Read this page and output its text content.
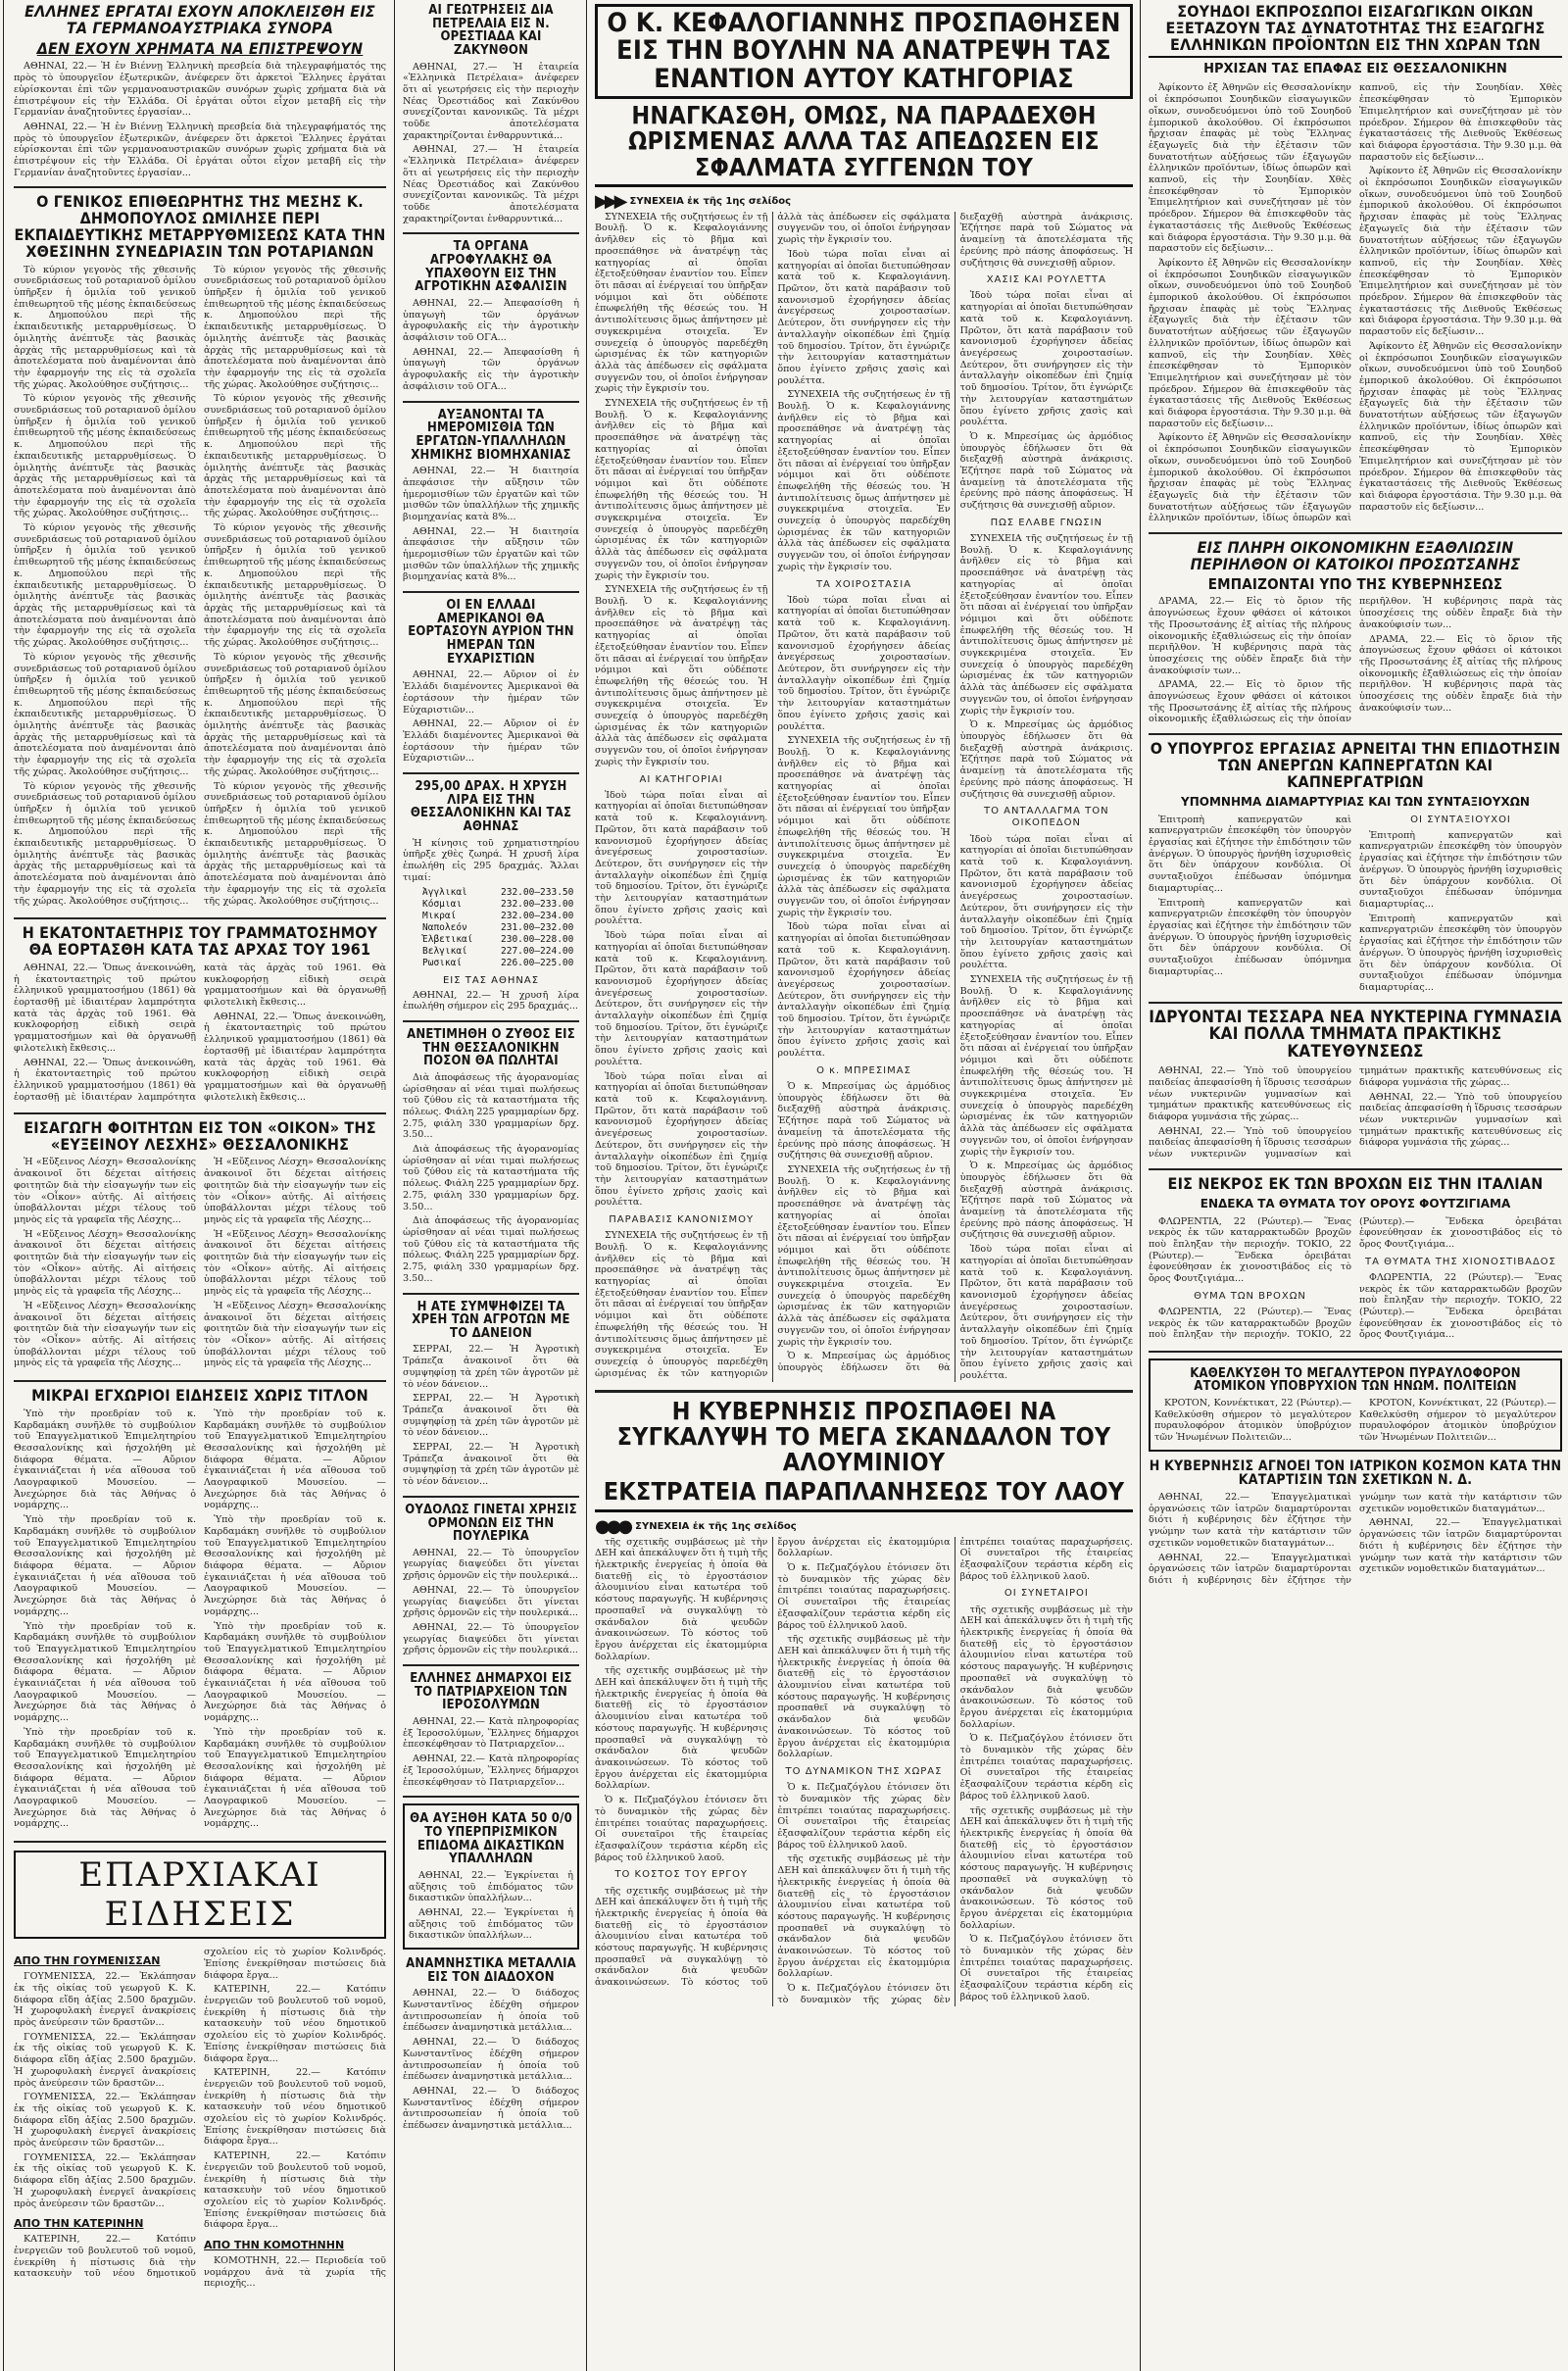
ΕΛΛΗΝΕΣ ΕΡΓΑΤΑΙ ΕΧΟΥΝ ΑΠΟΚΛΕΙΣΘΗ ΕΙΣ ΤΑ ΓΕΡΜΑΝΟΑΥΣΤΡΙΑΚΑ ΣΥΝΟΡΑ
ΔΕΝ ΕΧΟΥΝ ΧΡΗΜΑΤΑ ΝΑ ΕΠΙΣΤΡΕΨΟΥΝ

ΑΘΗΝΑΙ, 22.— Ἡ ἐν Βιέννῃ Ἑλληνικὴ πρεσβεία διὰ τηλεγραφήματός της πρὸς τὸ ὑπουργεῖον ἐξωτερικῶν, ἀνέφερεν ὅτι ἀρκετοὶ Ἕλληνες ἐργάται εὑρίσκονται ἐπὶ τῶν γερμανοαυστριακῶν συνόρων χωρὶς χρήματα διὰ νὰ ἐπιστρέψουν εἰς τὴν Ἑλλάδα. Οἱ ἐργάται οὗτοι εἶχον μεταβῆ εἰς τὴν Γερμανίαν ἀναζητοῦντες ἐργασίαν...

ΑΘΗΝΑΙ, 22.— Ἡ ἐν Βιέννῃ Ἑλληνικὴ πρεσβεία διὰ τηλεγραφήματός της πρὸς τὸ ὑπουργεῖον ἐξωτερικῶν, ἀνέφερεν ὅτι ἀρκετοὶ Ἕλληνες ἐργάται εὑρίσκονται ἐπὶ τῶν γερμανοαυστριακῶν συνόρων χωρὶς χρήματα διὰ νὰ ἐπιστρέψουν εἰς τὴν Ἑλλάδα. Οἱ ἐργάται οὗτοι εἶχον μεταβῆ εἰς τὴν Γερμανίαν ἀναζητοῦντες ἐργασίαν...

Ο ΓΕΝΙΚΟΣ ΕΠΙΘΕΩΡΗΤΗΣ ΤΗΣ ΜΕΣΗΣ Κ. ΔΗΜΟΠΟΥΛΟΣ ΩΜΙΛΗΣΕ ΠΕΡΙ ΕΚΠΑΙΔΕΥΤΙΚΗΣ ΜΕΤΑΡΡΥΘΜΙΣΕΩΣ ΚΑΤΑ ΤΗΝ ΧΘΕΣΙΝΗΝ ΣΥΝΕΔΡΙΑΣΙΝ ΤΩΝ ΡΟΤΑΡΙΑΝΩΝ

Τὸ κύριον γεγονὸς τῆς χθεσινῆς συνεδριάσεως τοῦ ροταριανοῦ ὁμίλου ὑπῆρξεν ἡ ὁμιλία τοῦ γενικοῦ ἐπιθεωρητοῦ τῆς μέσης ἐκπαιδεύσεως κ. Δημοπούλου περὶ τῆς ἐκπαιδευτικῆς μεταρρυθμίσεως. Ὁ ὁμιλητὴς ἀνέπτυξε τὰς βασικὰς ἀρχὰς τῆς μεταρρυθμίσεως καὶ τὰ ἀποτελέσματα ποὺ ἀναμένονται ἀπὸ τὴν ἐφαρμογήν της εἰς τὰ σχολεῖα τῆς χώρας. Ἀκολούθησε συζήτησις...

Τὸ κύριον γεγονὸς τῆς χθεσινῆς συνεδριάσεως τοῦ ροταριανοῦ ὁμίλου ὑπῆρξεν ἡ ὁμιλία τοῦ γενικοῦ ἐπιθεωρητοῦ τῆς μέσης ἐκπαιδεύσεως κ. Δημοπούλου περὶ τῆς ἐκπαιδευτικῆς μεταρρυθμίσεως. Ὁ ὁμιλητὴς ἀνέπτυξε τὰς βασικὰς ἀρχὰς τῆς μεταρρυθμίσεως καὶ τὰ ἀποτελέσματα ποὺ ἀναμένονται ἀπὸ τὴν ἐφαρμογήν της εἰς τὰ σχολεῖα τῆς χώρας. Ἀκολούθησε συζήτησις...

Τὸ κύριον γεγονὸς τῆς χθεσινῆς συνεδριάσεως τοῦ ροταριανοῦ ὁμίλου ὑπῆρξεν ἡ ὁμιλία τοῦ γενικοῦ ἐπιθεωρητοῦ τῆς μέσης ἐκπαιδεύσεως κ. Δημοπούλου περὶ τῆς ἐκπαιδευτικῆς μεταρρυθμίσεως. Ὁ ὁμιλητὴς ἀνέπτυξε τὰς βασικὰς ἀρχὰς τῆς μεταρρυθμίσεως καὶ τὰ ἀποτελέσματα ποὺ ἀναμένονται ἀπὸ τὴν ἐφαρμογήν της εἰς τὰ σχολεῖα τῆς χώρας. Ἀκολούθησε συζήτησις...

Τὸ κύριον γεγονὸς τῆς χθεσινῆς συνεδριάσεως τοῦ ροταριανοῦ ὁμίλου ὑπῆρξεν ἡ ὁμιλία τοῦ γενικοῦ ἐπιθεωρητοῦ τῆς μέσης ἐκπαιδεύσεως κ. Δημοπούλου περὶ τῆς ἐκπαιδευτικῆς μεταρρυθμίσεως. Ὁ ὁμιλητὴς ἀνέπτυξε τὰς βασικὰς ἀρχὰς τῆς μεταρρυθμίσεως καὶ τὰ ἀποτελέσματα ποὺ ἀναμένονται ἀπὸ τὴν ἐφαρμογήν της εἰς τὰ σχολεῖα τῆς χώρας. Ἀκολούθησε συζήτησις...

Τὸ κύριον γεγονὸς τῆς χθεσινῆς συνεδριάσεως τοῦ ροταριανοῦ ὁμίλου ὑπῆρξεν ἡ ὁμιλία τοῦ γενικοῦ ἐπιθεωρητοῦ τῆς μέσης ἐκπαιδεύσεως κ. Δημοπούλου περὶ τῆς ἐκπαιδευτικῆς μεταρρυθμίσεως. Ὁ ὁμιλητὴς ἀνέπτυξε τὰς βασικὰς ἀρχὰς τῆς μεταρρυθμίσεως καὶ τὰ ἀποτελέσματα ποὺ ἀναμένονται ἀπὸ τὴν ἐφαρμογήν της εἰς τὰ σχολεῖα τῆς χώρας. Ἀκολούθησε συζήτησις...

Τὸ κύριον γεγονὸς τῆς χθεσινῆς συνεδριάσεως τοῦ ροταριανοῦ ὁμίλου ὑπῆρξεν ἡ ὁμιλία τοῦ γενικοῦ ἐπιθεωρητοῦ τῆς μέσης ἐκπαιδεύσεως κ. Δημοπούλου περὶ τῆς ἐκπαιδευτικῆς μεταρρυθμίσεως. Ὁ ὁμιλητὴς ἀνέπτυξε τὰς βασικὰς ἀρχὰς τῆς μεταρρυθμίσεως καὶ τὰ ἀποτελέσματα ποὺ ἀναμένονται ἀπὸ τὴν ἐφαρμογήν της εἰς τὰ σχολεῖα τῆς χώρας. Ἀκολούθησε συζήτησις...

Τὸ κύριον γεγονὸς τῆς χθεσινῆς συνεδριάσεως τοῦ ροταριανοῦ ὁμίλου ὑπῆρξεν ἡ ὁμιλία τοῦ γενικοῦ ἐπιθεωρητοῦ τῆς μέσης ἐκπαιδεύσεως κ. Δημοπούλου περὶ τῆς ἐκπαιδευτικῆς μεταρρυθμίσεως. Ὁ ὁμιλητὴς ἀνέπτυξε τὰς βασικὰς ἀρχὰς τῆς μεταρρυθμίσεως καὶ τὰ ἀποτελέσματα ποὺ ἀναμένονται ἀπὸ τὴν ἐφαρμογήν της εἰς τὰ σχολεῖα τῆς χώρας. Ἀκολούθησε συζήτησις...

Τὸ κύριον γεγονὸς τῆς χθεσινῆς συνεδριάσεως τοῦ ροταριανοῦ ὁμίλου ὑπῆρξεν ἡ ὁμιλία τοῦ γενικοῦ ἐπιθεωρητοῦ τῆς μέσης ἐκπαιδεύσεως κ. Δημοπούλου περὶ τῆς ἐκπαιδευτικῆς μεταρρυθμίσεως. Ὁ ὁμιλητὴς ἀνέπτυξε τὰς βασικὰς ἀρχὰς τῆς μεταρρυθμίσεως καὶ τὰ ἀποτελέσματα ποὺ ἀναμένονται ἀπὸ τὴν ἐφαρμογήν της εἰς τὰ σχολεῖα τῆς χώρας. Ἀκολούθησε συζήτησις...

Τὸ κύριον γεγονὸς τῆς χθεσινῆς συνεδριάσεως τοῦ ροταριανοῦ ὁμίλου ὑπῆρξεν ἡ ὁμιλία τοῦ γενικοῦ ἐπιθεωρητοῦ τῆς μέσης ἐκπαιδεύσεως κ. Δημοπούλου περὶ τῆς ἐκπαιδευτικῆς μεταρρυθμίσεως. Ὁ ὁμιλητὴς ἀνέπτυξε τὰς βασικὰς ἀρχὰς τῆς μεταρρυθμίσεως καὶ τὰ ἀποτελέσματα ποὺ ἀναμένονται ἀπὸ τὴν ἐφαρμογήν της εἰς τὰ σχολεῖα τῆς χώρας. Ἀκολούθησε συζήτησις...

Τὸ κύριον γεγονὸς τῆς χθεσινῆς συνεδριάσεως τοῦ ροταριανοῦ ὁμίλου ὑπῆρξεν ἡ ὁμιλία τοῦ γενικοῦ ἐπιθεωρητοῦ τῆς μέσης ἐκπαιδεύσεως κ. Δημοπούλου περὶ τῆς ἐκπαιδευτικῆς μεταρρυθμίσεως. Ὁ ὁμιλητὴς ἀνέπτυξε τὰς βασικὰς ἀρχὰς τῆς μεταρρυθμίσεως καὶ τὰ ἀποτελέσματα ποὺ ἀναμένονται ἀπὸ τὴν ἐφαρμογήν της εἰς τὰ σχολεῖα τῆς χώρας. Ἀκολούθησε συζήτησις...

Η ΕΚΑΤΟΝΤΑΕΤΗΡΙΣ ΤΟΥ ΓΡΑΜΜΑΤΟΣΗΜΟΥ ΘΑ ΕΟΡΤΑΣΘΗ ΚΑΤΑ ΤΑΣ ΑΡΧΑΣ ΤΟΥ 1961

ΑΘΗΝΑΙ, 22.— Ὅπως ἀνεκοινώθη, ἡ ἑκατονταετηρὶς τοῦ πρώτου ἑλληνικοῦ γραμματοσήμου (1861) θὰ ἑορτασθῇ μὲ ἰδιαιτέραν λαμπρότητα κατὰ τὰς ἀρχὰς τοῦ 1961. Θὰ κυκλοφορήσῃ εἰδικὴ σειρὰ γραμματοσήμων καὶ θὰ ὀργανωθῇ φιλοτελικὴ ἔκθεσις...

ΑΘΗΝΑΙ, 22.— Ὅπως ἀνεκοινώθη, ἡ ἑκατονταετηρὶς τοῦ πρώτου ἑλληνικοῦ γραμματοσήμου (1861) θὰ ἑορτασθῇ μὲ ἰδιαιτέραν λαμπρότητα κατὰ τὰς ἀρχὰς τοῦ 1961. Θὰ κυκλοφορήσῃ εἰδικὴ σειρὰ γραμματοσήμων καὶ θὰ ὀργανωθῇ φιλοτελικὴ ἔκθεσις...

ΑΘΗΝΑΙ, 22.— Ὅπως ἀνεκοινώθη, ἡ ἑκατονταετηρὶς τοῦ πρώτου ἑλληνικοῦ γραμματοσήμου (1861) θὰ ἑορτασθῇ μὲ ἰδιαιτέραν λαμπρότητα κατὰ τὰς ἀρχὰς τοῦ 1961. Θὰ κυκλοφορήσῃ εἰδικὴ σειρὰ γραμματοσήμων καὶ θὰ ὀργανωθῇ φιλοτελικὴ ἔκθεσις...

ΕΙΣΑΓΩΓΗ ΦΟΙΤΗΤΩΝ ΕΙΣ ΤΟΝ «ΟΙΚΟΝ» ΤΗΣ «ΕΥΞΕΙΝΟΥ ΛΕΣΧΗΣ» ΘΕΣΣΑΛΟΝΙΚΗΣ

Ἡ «Εὔξεινος Λέσχη» Θεσσαλονίκης ἀνακοινοῖ ὅτι δέχεται αἰτήσεις φοιτητῶν διὰ τὴν εἰσαγωγήν των εἰς τὸν «Οἶκον» αὐτῆς. Αἱ αἰτήσεις ὑποβάλλονται μέχρι τέλους τοῦ μηνὸς εἰς τὰ γραφεῖα τῆς Λέσχης...

Ἡ «Εὔξεινος Λέσχη» Θεσσαλονίκης ἀνακοινοῖ ὅτι δέχεται αἰτήσεις φοιτητῶν διὰ τὴν εἰσαγωγήν των εἰς τὸν «Οἶκον» αὐτῆς. Αἱ αἰτήσεις ὑποβάλλονται μέχρι τέλους τοῦ μηνὸς εἰς τὰ γραφεῖα τῆς Λέσχης...

Ἡ «Εὔξεινος Λέσχη» Θεσσαλονίκης ἀνακοινοῖ ὅτι δέχεται αἰτήσεις φοιτητῶν διὰ τὴν εἰσαγωγήν των εἰς τὸν «Οἶκον» αὐτῆς. Αἱ αἰτήσεις ὑποβάλλονται μέχρι τέλους τοῦ μηνὸς εἰς τὰ γραφεῖα τῆς Λέσχης...

Ἡ «Εὔξεινος Λέσχη» Θεσσαλονίκης ἀνακοινοῖ ὅτι δέχεται αἰτήσεις φοιτητῶν διὰ τὴν εἰσαγωγήν των εἰς τὸν «Οἶκον» αὐτῆς. Αἱ αἰτήσεις ὑποβάλλονται μέχρι τέλους τοῦ μηνὸς εἰς τὰ γραφεῖα τῆς Λέσχης...

Ἡ «Εὔξεινος Λέσχη» Θεσσαλονίκης ἀνακοινοῖ ὅτι δέχεται αἰτήσεις φοιτητῶν διὰ τὴν εἰσαγωγήν των εἰς τὸν «Οἶκον» αὐτῆς. Αἱ αἰτήσεις ὑποβάλλονται μέχρι τέλους τοῦ μηνὸς εἰς τὰ γραφεῖα τῆς Λέσχης...

Ἡ «Εὔξεινος Λέσχη» Θεσσαλονίκης ἀνακοινοῖ ὅτι δέχεται αἰτήσεις φοιτητῶν διὰ τὴν εἰσαγωγήν των εἰς τὸν «Οἶκον» αὐτῆς. Αἱ αἰτήσεις ὑποβάλλονται μέχρι τέλους τοῦ μηνὸς εἰς τὰ γραφεῖα τῆς Λέσχης...

ΜΙΚΡΑΙ ΕΓΧΩΡΙΟΙ ΕΙΔΗΣΕΙΣ ΧΩΡΙΣ ΤΙΤΛΟΝ

Ὑπὸ τὴν προεδρίαν τοῦ κ. Καρδαμάκη συνῆλθε τὸ συμβούλιον τοῦ Ἐπαγγελματικοῦ Ἐπιμελητηρίου Θεσσαλονίκης καὶ ἠσχολήθη μὲ διάφορα θέματα. — Αὔριον ἐγκαινιάζεται ἡ νέα αἴθουσα τοῦ Λαογραφικοῦ Μουσείου. — Ἀνεχώρησε διὰ τὰς Ἀθήνας ὁ νομάρχης...

Ὑπὸ τὴν προεδρίαν τοῦ κ. Καρδαμάκη συνῆλθε τὸ συμβούλιον τοῦ Ἐπαγγελματικοῦ Ἐπιμελητηρίου Θεσσαλονίκης καὶ ἠσχολήθη μὲ διάφορα θέματα. — Αὔριον ἐγκαινιάζεται ἡ νέα αἴθουσα τοῦ Λαογραφικοῦ Μουσείου. — Ἀνεχώρησε διὰ τὰς Ἀθήνας ὁ νομάρχης...

Ὑπὸ τὴν προεδρίαν τοῦ κ. Καρδαμάκη συνῆλθε τὸ συμβούλιον τοῦ Ἐπαγγελματικοῦ Ἐπιμελητηρίου Θεσσαλονίκης καὶ ἠσχολήθη μὲ διάφορα θέματα. — Αὔριον ἐγκαινιάζεται ἡ νέα αἴθουσα τοῦ Λαογραφικοῦ Μουσείου. — Ἀνεχώρησε διὰ τὰς Ἀθήνας ὁ νομάρχης...

Ὑπὸ τὴν προεδρίαν τοῦ κ. Καρδαμάκη συνῆλθε τὸ συμβούλιον τοῦ Ἐπαγγελματικοῦ Ἐπιμελητηρίου Θεσσαλονίκης καὶ ἠσχολήθη μὲ διάφορα θέματα. — Αὔριον ἐγκαινιάζεται ἡ νέα αἴθουσα τοῦ Λαογραφικοῦ Μουσείου. — Ἀνεχώρησε διὰ τὰς Ἀθήνας ὁ νομάρχης...

Ὑπὸ τὴν προεδρίαν τοῦ κ. Καρδαμάκη συνῆλθε τὸ συμβούλιον τοῦ Ἐπαγγελματικοῦ Ἐπιμελητηρίου Θεσσαλονίκης καὶ ἠσχολήθη μὲ διάφορα θέματα. — Αὔριον ἐγκαινιάζεται ἡ νέα αἴθουσα τοῦ Λαογραφικοῦ Μουσείου. — Ἀνεχώρησε διὰ τὰς Ἀθήνας ὁ νομάρχης...

Ὑπὸ τὴν προεδρίαν τοῦ κ. Καρδαμάκη συνῆλθε τὸ συμβούλιον τοῦ Ἐπαγγελματικοῦ Ἐπιμελητηρίου Θεσσαλονίκης καὶ ἠσχολήθη μὲ διάφορα θέματα. — Αὔριον ἐγκαινιάζεται ἡ νέα αἴθουσα τοῦ Λαογραφικοῦ Μουσείου. — Ἀνεχώρησε διὰ τὰς Ἀθήνας ὁ νομάρχης...

Ὑπὸ τὴν προεδρίαν τοῦ κ. Καρδαμάκη συνῆλθε τὸ συμβούλιον τοῦ Ἐπαγγελματικοῦ Ἐπιμελητηρίου Θεσσαλονίκης καὶ ἠσχολήθη μὲ διάφορα θέματα. — Αὔριον ἐγκαινιάζεται ἡ νέα αἴθουσα τοῦ Λαογραφικοῦ Μουσείου. — Ἀνεχώρησε διὰ τὰς Ἀθήνας ὁ νομάρχης...

Ὑπὸ τὴν προεδρίαν τοῦ κ. Καρδαμάκη συνῆλθε τὸ συμβούλιον τοῦ Ἐπαγγελματικοῦ Ἐπιμελητηρίου Θεσσαλονίκης καὶ ἠσχολήθη μὲ διάφορα θέματα. — Αὔριον ἐγκαινιάζεται ἡ νέα αἴθουσα τοῦ Λαογραφικοῦ Μουσείου. — Ἀνεχώρησε διὰ τὰς Ἀθήνας ὁ νομάρχης...

ΕΠΑΡΧΙΑΚΑΙ ΕΙΔΗΣΕΙΣ
ΑΠΟ ΤΗΝ ΓΟΥΜΕΝΙΣΣΑΝ

ΓΟΥΜΕΝΙΣΣΑ, 22.— Ἐκλάπησαν ἐκ τῆς οἰκίας τοῦ γεωργοῦ Κ. Κ. διάφορα εἴδη ἀξίας 2.500 δραχμῶν. Ἡ χωροφυλακὴ ἐνεργεῖ ἀνακρίσεις πρὸς ἀνεύρεσιν τῶν δραστῶν...

ΓΟΥΜΕΝΙΣΣΑ, 22.— Ἐκλάπησαν ἐκ τῆς οἰκίας τοῦ γεωργοῦ Κ. Κ. διάφορα εἴδη ἀξίας 2.500 δραχμῶν. Ἡ χωροφυλακὴ ἐνεργεῖ ἀνακρίσεις πρὸς ἀνεύρεσιν τῶν δραστῶν...

ΓΟΥΜΕΝΙΣΣΑ, 22.— Ἐκλάπησαν ἐκ τῆς οἰκίας τοῦ γεωργοῦ Κ. Κ. διάφορα εἴδη ἀξίας 2.500 δραχμῶν. Ἡ χωροφυλακὴ ἐνεργεῖ ἀνακρίσεις πρὸς ἀνεύρεσιν τῶν δραστῶν...

ΓΟΥΜΕΝΙΣΣΑ, 22.— Ἐκλάπησαν ἐκ τῆς οἰκίας τοῦ γεωργοῦ Κ. Κ. διάφορα εἴδη ἀξίας 2.500 δραχμῶν. Ἡ χωροφυλακὴ ἐνεργεῖ ἀνακρίσεις πρὸς ἀνεύρεσιν τῶν δραστῶν...

ΑΠΟ ΤΗΝ ΚΑΤΕΡΙΝΗΝ

ΚΑΤΕΡΙΝΗ, 22.— Κατόπιν ἐνεργειῶν τοῦ βουλευτοῦ τοῦ νομοῦ, ἐνεκρίθη ἡ πίστωσις διὰ τὴν κατασκευὴν τοῦ νέου δημοτικοῦ σχολείου εἰς τὸ χωρίον Κολινδρός. Ἐπίσης ἐνεκρίθησαν πιστώσεις διὰ διάφορα ἔργα...

ΚΑΤΕΡΙΝΗ, 22.— Κατόπιν ἐνεργειῶν τοῦ βουλευτοῦ τοῦ νομοῦ, ἐνεκρίθη ἡ πίστωσις διὰ τὴν κατασκευὴν τοῦ νέου δημοτικοῦ σχολείου εἰς τὸ χωρίον Κολινδρός. Ἐπίσης ἐνεκρίθησαν πιστώσεις διὰ διάφορα ἔργα...

ΚΑΤΕΡΙΝΗ, 22.— Κατόπιν ἐνεργειῶν τοῦ βουλευτοῦ τοῦ νομοῦ, ἐνεκρίθη ἡ πίστωσις διὰ τὴν κατασκευὴν τοῦ νέου δημοτικοῦ σχολείου εἰς τὸ χωρίον Κολινδρός. Ἐπίσης ἐνεκρίθησαν πιστώσεις διὰ διάφορα ἔργα...

ΚΑΤΕΡΙΝΗ, 22.— Κατόπιν ἐνεργειῶν τοῦ βουλευτοῦ τοῦ νομοῦ, ἐνεκρίθη ἡ πίστωσις διὰ τὴν κατασκευὴν τοῦ νέου δημοτικοῦ σχολείου εἰς τὸ χωρίον Κολινδρός. Ἐπίσης ἐνεκρίθησαν πιστώσεις διὰ διάφορα ἔργα...

ΑΠΟ ΤΗΝ ΚΟΜΟΤΗΝΗΝ

ΚΟΜΟΤΗΝΗ, 22.— Περιοδεία τοῦ νομάρχου ἀνὰ τὰ χωρία τῆς περιοχῆς...

ΑΙ ΓΕΩΤΡΗΣΕΙΣ ΔΙΑ ΠΕΤΡΕΛΑΙΑ ΕΙΣ Ν. ΟΡΕΣΤΙΑΔΑ ΚΑΙ ΖΑΚΥΝΘΟΝ

ΑΘΗΝΑΙ, 27.— Ἡ ἑταιρεία «Ἑλληνικὰ Πετρέλαια» ἀνέφερεν ὅτι αἱ γεωτρήσεις εἰς τὴν περιοχὴν Νέας Ὀρεστιάδος καὶ Ζακύνθου συνεχίζονται κανονικῶς. Τὰ μέχρι τοῦδε ἀποτελέσματα χαρακτηρίζονται ἐνθαρρυντικά...

ΑΘΗΝΑΙ, 27.— Ἡ ἑταιρεία «Ἑλληνικὰ Πετρέλαια» ἀνέφερεν ὅτι αἱ γεωτρήσεις εἰς τὴν περιοχὴν Νέας Ὀρεστιάδος καὶ Ζακύνθου συνεχίζονται κανονικῶς. Τὰ μέχρι τοῦδε ἀποτελέσματα χαρακτηρίζονται ἐνθαρρυντικά...

ΤΑ ΟΡΓΑΝΑ ΑΓΡΟΦΥΛΑΚΗΣ ΘΑ ΥΠΑΧΘΟΥΝ ΕΙΣ ΤΗΝ ΑΓΡΟΤΙΚΗΝ ΑΣΦΑΛΙΣΙΝ

ΑΘΗΝΑΙ, 22.— Ἀπεφασίσθη ἡ ὑπαγωγὴ τῶν ὀργάνων ἀγροφυλακῆς εἰς τὴν ἀγροτικὴν ἀσφάλισιν τοῦ ΟΓΑ...

ΑΘΗΝΑΙ, 22.— Ἀπεφασίσθη ἡ ὑπαγωγὴ τῶν ὀργάνων ἀγροφυλακῆς εἰς τὴν ἀγροτικὴν ἀσφάλισιν τοῦ ΟΓΑ...

ΑΥΞΑΝΟΝΤΑΙ ΤΑ ΗΜΕΡΟΜΙΣΘΙΑ ΤΩΝ ΕΡΓΑΤΩΝ-ΥΠΑΛΛΗΛΩΝ ΧΗΜΙΚΗΣ ΒΙΟΜΗΧΑΝΙΑΣ

ΑΘΗΝΑΙ, 22.— Ἡ διαιτησία ἀπεφάσισε τὴν αὔξησιν τῶν ἡμερομισθίων τῶν ἐργατῶν καὶ τῶν μισθῶν τῶν ὑπαλλήλων τῆς χημικῆς βιομηχανίας κατὰ 8%...

ΑΘΗΝΑΙ, 22.— Ἡ διαιτησία ἀπεφάσισε τὴν αὔξησιν τῶν ἡμερομισθίων τῶν ἐργατῶν καὶ τῶν μισθῶν τῶν ὑπαλλήλων τῆς χημικῆς βιομηχανίας κατὰ 8%...

ΟΙ ΕΝ ΕΛΛΑΔΙ ΑΜΕΡΙΚΑΝΟΙ ΘΑ ΕΟΡΤΑΣΟΥΝ ΑΥΡΙΟΝ ΤΗΝ ΗΜΕΡΑΝ ΤΩΝ ΕΥΧΑΡΙΣΤΙΩΝ

ΑΘΗΝΑΙ, 22.— Αὔριον οἱ ἐν Ἑλλάδι διαμένοντες Ἀμερικανοὶ θὰ ἑορτάσουν τὴν ἡμέραν τῶν Εὐχαριστιῶν...

ΑΘΗΝΑΙ, 22.— Αὔριον οἱ ἐν Ἑλλάδι διαμένοντες Ἀμερικανοὶ θὰ ἑορτάσουν τὴν ἡμέραν τῶν Εὐχαριστιῶν...

295,00 ΔΡΑΧ. Η ΧΡΥΣΗ ΛΙΡΑ ΕΙΣ ΤΗΝ ΘΕΣΣΑΛΟΝΙΚΗΝ ΚΑΙ ΤΑΣ ΑΘΗΝΑΣ

Ἡ κίνησις τοῦ χρηματιστηρίου ὑπῆρξε χθὲς ζωηρά. Ἡ χρυσῆ λίρα ἐπωλήθη εἰς 295 δραχμάς. Ἄλλαι τιμαί:

Ἀγγλικαὶ	232.00—233.50
Κόσμιαι	232.00—233.00
Μικραί	232.00—234.00
Ναπολεόν	231.00—232.00
Ἑλβετικαί	230.00—228.00
Βελγικαί	227.00—224.00
Ρωσικαί	226.00—225.00
ΕΙΣ ΤΑΣ ΑΘΗΝΑΣ

ΑΘΗΝΑΙ, 22.— Ἡ χρυσῆ λίρα ἐπωλήθη σήμερον εἰς 295 δραχμάς...

ΑΝΕΤΙΜΗΘΗ Ο ΖΥΘΟΣ ΕΙΣ ΤΗΝ ΘΕΣΣΑΛΟΝΙΚΗΝ ΠΟΣΟΝ ΘΑ ΠΩΛΗΤΑΙ

Διὰ ἀποφάσεως τῆς ἀγορανομίας ὡρίσθησαν αἱ νέαι τιμαὶ πωλήσεως τοῦ ζύθου εἰς τὰ καταστήματα τῆς πόλεως. Φιάλη 225 γραμμαρίων δρχ. 2.75, φιάλη 330 γραμμαρίων δρχ. 3.50...

Διὰ ἀποφάσεως τῆς ἀγορανομίας ὡρίσθησαν αἱ νέαι τιμαὶ πωλήσεως τοῦ ζύθου εἰς τὰ καταστήματα τῆς πόλεως. Φιάλη 225 γραμμαρίων δρχ. 2.75, φιάλη 330 γραμμαρίων δρχ. 3.50...

Διὰ ἀποφάσεως τῆς ἀγορανομίας ὡρίσθησαν αἱ νέαι τιμαὶ πωλήσεως τοῦ ζύθου εἰς τὰ καταστήματα τῆς πόλεως. Φιάλη 225 γραμμαρίων δρχ. 2.75, φιάλη 330 γραμμαρίων δρχ. 3.50...

Η ΑΤΕ ΣΥΜΨΗΦΙΖΕΙ ΤΑ ΧΡΕΗ ΤΩΝ ΑΓΡΟΤΩΝ ΜΕ ΤΟ ΔΑΝΕΙΟΝ

ΣΕΡΡΑΙ, 22.— Ἡ Ἀγροτικὴ Τράπεζα ἀνακοινοῖ ὅτι θὰ συμψηφίσῃ τὰ χρέη τῶν ἀγροτῶν μὲ τὸ νέον δάνειον...

ΣΕΡΡΑΙ, 22.— Ἡ Ἀγροτικὴ Τράπεζα ἀνακοινοῖ ὅτι θὰ συμψηφίσῃ τὰ χρέη τῶν ἀγροτῶν μὲ τὸ νέον δάνειον...

ΣΕΡΡΑΙ, 22.— Ἡ Ἀγροτικὴ Τράπεζα ἀνακοινοῖ ὅτι θὰ συμψηφίσῃ τὰ χρέη τῶν ἀγροτῶν μὲ τὸ νέον δάνειον...

ΟΥΔΟΛΩΣ ΓΙΝΕΤΑΙ ΧΡΗΣΙΣ ΟΡΜΟΝΩΝ ΕΙΣ ΤΗΝ ΠΟΥΛΕΡΙΚΑ

ΑΘΗΝΑΙ, 22.— Τὸ ὑπουργεῖον γεωργίας διαψεύδει ὅτι γίνεται χρῆσις ὁρμονῶν εἰς τὴν πουλερικά...

ΑΘΗΝΑΙ, 22.— Τὸ ὑπουργεῖον γεωργίας διαψεύδει ὅτι γίνεται χρῆσις ὁρμονῶν εἰς τὴν πουλερικά...

ΑΘΗΝΑΙ, 22.— Τὸ ὑπουργεῖον γεωργίας διαψεύδει ὅτι γίνεται χρῆσις ὁρμονῶν εἰς τὴν πουλερικά...

ΕΛΛΗΝΕΣ ΔΗΜΑΡΧΟΙ ΕΙΣ ΤΟ ΠΑΤΡΙΑΡΧΕΙΟΝ ΤΩΝ ΙΕΡΟΣΟΛΥΜΩΝ

ΑΘΗΝΑΙ, 22.— Κατὰ πληροφορίας ἐξ Ἱεροσολύμων, Ἕλληνες δήμαρχοι ἐπεσκέφθησαν τὸ Πατριαρχεῖον...

ΑΘΗΝΑΙ, 22.— Κατὰ πληροφορίας ἐξ Ἱεροσολύμων, Ἕλληνες δήμαρχοι ἐπεσκέφθησαν τὸ Πατριαρχεῖον...

ΘΑ ΑΥΞΗΘΗ ΚΑΤΑ 50 0/0 ΤΟ ΥΠΕΡΠΡΙΣΜΙΚΟΝ ΕΠΙΔΟΜΑ ΔΙΚΑΣΤΙΚΩΝ ΥΠΑΛΛΗΛΩΝ

ΑΘΗΝΑΙ, 22.— Ἐγκρίνεται ἡ αὔξησις τοῦ ἐπιδόματος τῶν δικαστικῶν ὑπαλλήλων...

ΑΘΗΝΑΙ, 22.— Ἐγκρίνεται ἡ αὔξησις τοῦ ἐπιδόματος τῶν δικαστικῶν ὑπαλλήλων...

ΑΝΑΜΝΗΣΤΙΚΑ ΜΕΤΑΛΛΙΑ ΕΙΣ ΤΟΝ ΔΙΑΔΟΧΟΝ

ΑΘΗΝΑΙ, 22.— Ὁ διάδοχος Κωνσταντῖνος ἐδέχθη σήμερον ἀντιπροσωπείαν ἡ ὁποία τοῦ ἐπέδωσεν ἀναμνηστικὰ μετάλλια...

ΑΘΗΝΑΙ, 22.— Ὁ διάδοχος Κωνσταντῖνος ἐδέχθη σήμερον ἀντιπροσωπείαν ἡ ὁποία τοῦ ἐπέδωσεν ἀναμνηστικὰ μετάλλια...

ΑΘΗΝΑΙ, 22.— Ὁ διάδοχος Κωνσταντῖνος ἐδέχθη σήμερον ἀντιπροσωπείαν ἡ ὁποία τοῦ ἐπέδωσεν ἀναμνηστικὰ μετάλλια...

Ο Κ. ΚΕΦΑΛΟΓΙΑΝΝΗΣ ΠΡΟΣΠΑΘΗΣΕΝ ΕΙΣ ΤΗΝ ΒΟΥΛΗΝ ΝΑ ΑΝΑΤΡΕΨΗ ΤΑΣ ΕΝΑΝΤΙΟΝ ΑΥΤΟΥ ΚΑΤΗΓΟΡΙΑΣ
ΗΝΑΓΚΑΣΘΗ, ΟΜΩΣ, ΝΑ ΠΑΡΑΔΕΧΘΗ ΩΡΙΣΜΕΝΑΣ ΑΛΛΑ ΤΑΣ ΑΠΕΔΩΣΕΝ ΕΙΣ ΣΦΑΛΜΑΤΑ ΣΥΓΓΕΝΩΝ ΤΟΥ
▶▶▶ ΣΥΝΕΧΕΙΑ ἐκ τῆς 1ης σελίδος

ΣΥΝΕΧΕΙΑ τῆς συζητήσεως ἐν τῇ Βουλῇ. Ὁ κ. Κεφαλογιάννης ἀνῆλθεν εἰς τὸ βῆμα καὶ προσεπάθησε νὰ ἀνατρέψῃ τὰς κατηγορίας αἱ ὁποῖαι ἐξετοξεύθησαν ἐναντίον του. Εἶπεν ὅτι πᾶσαι αἱ ἐνέργειαί του ὑπῆρξαν νόμιμοι καὶ ὅτι οὐδέποτε ἐπωφελήθη τῆς θέσεώς του. Ἡ ἀντιπολίτευσις ὅμως ἀπήντησεν μὲ συγκεκριμένα στοιχεῖα. Ἐν συνεχείᾳ ὁ ὑπουργὸς παρεδέχθη ὡρισμένας ἐκ τῶν κατηγοριῶν ἀλλὰ τὰς ἀπέδωσεν εἰς σφάλματα συγγενῶν του, οἱ ὁποῖοι ἐνήργησαν χωρὶς τὴν ἔγκρισίν του.

ΣΥΝΕΧΕΙΑ τῆς συζητήσεως ἐν τῇ Βουλῇ. Ὁ κ. Κεφαλογιάννης ἀνῆλθεν εἰς τὸ βῆμα καὶ προσεπάθησε νὰ ἀνατρέψῃ τὰς κατηγορίας αἱ ὁποῖαι ἐξετοξεύθησαν ἐναντίον του. Εἶπεν ὅτι πᾶσαι αἱ ἐνέργειαί του ὑπῆρξαν νόμιμοι καὶ ὅτι οὐδέποτε ἐπωφελήθη τῆς θέσεώς του. Ἡ ἀντιπολίτευσις ὅμως ἀπήντησεν μὲ συγκεκριμένα στοιχεῖα. Ἐν συνεχείᾳ ὁ ὑπουργὸς παρεδέχθη ὡρισμένας ἐκ τῶν κατηγοριῶν ἀλλὰ τὰς ἀπέδωσεν εἰς σφάλματα συγγενῶν του, οἱ ὁποῖοι ἐνήργησαν χωρὶς τὴν ἔγκρισίν του.

ΣΥΝΕΧΕΙΑ τῆς συζητήσεως ἐν τῇ Βουλῇ. Ὁ κ. Κεφαλογιάννης ἀνῆλθεν εἰς τὸ βῆμα καὶ προσεπάθησε νὰ ἀνατρέψῃ τὰς κατηγορίας αἱ ὁποῖαι ἐξετοξεύθησαν ἐναντίον του. Εἶπεν ὅτι πᾶσαι αἱ ἐνέργειαί του ὑπῆρξαν νόμιμοι καὶ ὅτι οὐδέποτε ἐπωφελήθη τῆς θέσεώς του. Ἡ ἀντιπολίτευσις ὅμως ἀπήντησεν μὲ συγκεκριμένα στοιχεῖα. Ἐν συνεχείᾳ ὁ ὑπουργὸς παρεδέχθη ὡρισμένας ἐκ τῶν κατηγοριῶν ἀλλὰ τὰς ἀπέδωσεν εἰς σφάλματα συγγενῶν του, οἱ ὁποῖοι ἐνήργησαν χωρὶς τὴν ἔγκρισίν του.

ΑΙ ΚΑΤΗΓΟΡΙΑΙ

Ἰδοὺ τώρα ποῖαι εἶναι αἱ κατηγορίαι αἱ ὁποῖαι διετυπώθησαν κατὰ τοῦ κ. Κεφαλογιάννη. Πρῶτον, ὅτι κατὰ παράβασιν τοῦ κανονισμοῦ ἐχορήγησεν ἀδείας ἀνεγέρσεως χοιροστασίων. Δεύτερον, ὅτι συνήργησεν εἰς τὴν ἀνταλλαγὴν οἰκοπέδων ἐπὶ ζημίᾳ τοῦ δημοσίου. Τρίτον, ὅτι ἐγνώριζε τὴν λειτουργίαν καταστημάτων ὅπου ἐγίνετο χρῆσις χασὶς καὶ ρουλέττα.

Ἰδοὺ τώρα ποῖαι εἶναι αἱ κατηγορίαι αἱ ὁποῖαι διετυπώθησαν κατὰ τοῦ κ. Κεφαλογιάννη. Πρῶτον, ὅτι κατὰ παράβασιν τοῦ κανονισμοῦ ἐχορήγησεν ἀδείας ἀνεγέρσεως χοιροστασίων. Δεύτερον, ὅτι συνήργησεν εἰς τὴν ἀνταλλαγὴν οἰκοπέδων ἐπὶ ζημίᾳ τοῦ δημοσίου. Τρίτον, ὅτι ἐγνώριζε τὴν λειτουργίαν καταστημάτων ὅπου ἐγίνετο χρῆσις χασὶς καὶ ρουλέττα.

Ἰδοὺ τώρα ποῖαι εἶναι αἱ κατηγορίαι αἱ ὁποῖαι διετυπώθησαν κατὰ τοῦ κ. Κεφαλογιάννη. Πρῶτον, ὅτι κατὰ παράβασιν τοῦ κανονισμοῦ ἐχορήγησεν ἀδείας ἀνεγέρσεως χοιροστασίων. Δεύτερον, ὅτι συνήργησεν εἰς τὴν ἀνταλλαγὴν οἰκοπέδων ἐπὶ ζημίᾳ τοῦ δημοσίου. Τρίτον, ὅτι ἐγνώριζε τὴν λειτουργίαν καταστημάτων ὅπου ἐγίνετο χρῆσις χασὶς καὶ ρουλέττα.

ΠΑΡΑΒΑΣΙΣ ΚΑΝΟΝΙΣΜΟΥ

ΣΥΝΕΧΕΙΑ τῆς συζητήσεως ἐν τῇ Βουλῇ. Ὁ κ. Κεφαλογιάννης ἀνῆλθεν εἰς τὸ βῆμα καὶ προσεπάθησε νὰ ἀνατρέψῃ τὰς κατηγορίας αἱ ὁποῖαι ἐξετοξεύθησαν ἐναντίον του. Εἶπεν ὅτι πᾶσαι αἱ ἐνέργειαί του ὑπῆρξαν νόμιμοι καὶ ὅτι οὐδέποτε ἐπωφελήθη τῆς θέσεώς του. Ἡ ἀντιπολίτευσις ὅμως ἀπήντησεν μὲ συγκεκριμένα στοιχεῖα. Ἐν συνεχείᾳ ὁ ὑπουργὸς παρεδέχθη ὡρισμένας ἐκ τῶν κατηγοριῶν ἀλλὰ τὰς ἀπέδωσεν εἰς σφάλματα συγγενῶν του, οἱ ὁποῖοι ἐνήργησαν χωρὶς τὴν ἔγκρισίν του.

Ἰδοὺ τώρα ποῖαι εἶναι αἱ κατηγορίαι αἱ ὁποῖαι διετυπώθησαν κατὰ τοῦ κ. Κεφαλογιάννη. Πρῶτον, ὅτι κατὰ παράβασιν τοῦ κανονισμοῦ ἐχορήγησεν ἀδείας ἀνεγέρσεως χοιροστασίων. Δεύτερον, ὅτι συνήργησεν εἰς τὴν ἀνταλλαγὴν οἰκοπέδων ἐπὶ ζημίᾳ τοῦ δημοσίου. Τρίτον, ὅτι ἐγνώριζε τὴν λειτουργίαν καταστημάτων ὅπου ἐγίνετο χρῆσις χασὶς καὶ ρουλέττα.

ΣΥΝΕΧΕΙΑ τῆς συζητήσεως ἐν τῇ Βουλῇ. Ὁ κ. Κεφαλογιάννης ἀνῆλθεν εἰς τὸ βῆμα καὶ προσεπάθησε νὰ ἀνατρέψῃ τὰς κατηγορίας αἱ ὁποῖαι ἐξετοξεύθησαν ἐναντίον του. Εἶπεν ὅτι πᾶσαι αἱ ἐνέργειαί του ὑπῆρξαν νόμιμοι καὶ ὅτι οὐδέποτε ἐπωφελήθη τῆς θέσεώς του. Ἡ ἀντιπολίτευσις ὅμως ἀπήντησεν μὲ συγκεκριμένα στοιχεῖα. Ἐν συνεχείᾳ ὁ ὑπουργὸς παρεδέχθη ὡρισμένας ἐκ τῶν κατηγοριῶν ἀλλὰ τὰς ἀπέδωσεν εἰς σφάλματα συγγενῶν του, οἱ ὁποῖοι ἐνήργησαν χωρὶς τὴν ἔγκρισίν του.

ΤΑ ΧΟΙΡΟΣΤΑΣΙΑ

Ἰδοὺ τώρα ποῖαι εἶναι αἱ κατηγορίαι αἱ ὁποῖαι διετυπώθησαν κατὰ τοῦ κ. Κεφαλογιάννη. Πρῶτον, ὅτι κατὰ παράβασιν τοῦ κανονισμοῦ ἐχορήγησεν ἀδείας ἀνεγέρσεως χοιροστασίων. Δεύτερον, ὅτι συνήργησεν εἰς τὴν ἀνταλλαγὴν οἰκοπέδων ἐπὶ ζημίᾳ τοῦ δημοσίου. Τρίτον, ὅτι ἐγνώριζε τὴν λειτουργίαν καταστημάτων ὅπου ἐγίνετο χρῆσις χασὶς καὶ ρουλέττα.

ΣΥΝΕΧΕΙΑ τῆς συζητήσεως ἐν τῇ Βουλῇ. Ὁ κ. Κεφαλογιάννης ἀνῆλθεν εἰς τὸ βῆμα καὶ προσεπάθησε νὰ ἀνατρέψῃ τὰς κατηγορίας αἱ ὁποῖαι ἐξετοξεύθησαν ἐναντίον του. Εἶπεν ὅτι πᾶσαι αἱ ἐνέργειαί του ὑπῆρξαν νόμιμοι καὶ ὅτι οὐδέποτε ἐπωφελήθη τῆς θέσεώς του. Ἡ ἀντιπολίτευσις ὅμως ἀπήντησεν μὲ συγκεκριμένα στοιχεῖα. Ἐν συνεχείᾳ ὁ ὑπουργὸς παρεδέχθη ὡρισμένας ἐκ τῶν κατηγοριῶν ἀλλὰ τὰς ἀπέδωσεν εἰς σφάλματα συγγενῶν του, οἱ ὁποῖοι ἐνήργησαν χωρὶς τὴν ἔγκρισίν του.

Ἰδοὺ τώρα ποῖαι εἶναι αἱ κατηγορίαι αἱ ὁποῖαι διετυπώθησαν κατὰ τοῦ κ. Κεφαλογιάννη. Πρῶτον, ὅτι κατὰ παράβασιν τοῦ κανονισμοῦ ἐχορήγησεν ἀδείας ἀνεγέρσεως χοιροστασίων. Δεύτερον, ὅτι συνήργησεν εἰς τὴν ἀνταλλαγὴν οἰκοπέδων ἐπὶ ζημίᾳ τοῦ δημοσίου. Τρίτον, ὅτι ἐγνώριζε τὴν λειτουργίαν καταστημάτων ὅπου ἐγίνετο χρῆσις χασὶς καὶ ρουλέττα.

Ο κ. ΜΠΡΕΣΙΜΑΣ

Ὁ κ. Μπρεσίμας ὡς ἀρμόδιος ὑπουργὸς ἐδήλωσεν ὅτι θὰ διεξαχθῇ αὐστηρὰ ἀνάκρισις. Ἐζήτησε παρὰ τοῦ Σώματος νὰ ἀναμείνῃ τὰ ἀποτελέσματα τῆς ἐρεύνης πρὸ πάσης ἀποφάσεως. Ἡ συζήτησις θὰ συνεχισθῇ αὔριον.

ΣΥΝΕΧΕΙΑ τῆς συζητήσεως ἐν τῇ Βουλῇ. Ὁ κ. Κεφαλογιάννης ἀνῆλθεν εἰς τὸ βῆμα καὶ προσεπάθησε νὰ ἀνατρέψῃ τὰς κατηγορίας αἱ ὁποῖαι ἐξετοξεύθησαν ἐναντίον του. Εἶπεν ὅτι πᾶσαι αἱ ἐνέργειαί του ὑπῆρξαν νόμιμοι καὶ ὅτι οὐδέποτε ἐπωφελήθη τῆς θέσεώς του. Ἡ ἀντιπολίτευσις ὅμως ἀπήντησεν μὲ συγκεκριμένα στοιχεῖα. Ἐν συνεχείᾳ ὁ ὑπουργὸς παρεδέχθη ὡρισμένας ἐκ τῶν κατηγοριῶν ἀλλὰ τὰς ἀπέδωσεν εἰς σφάλματα συγγενῶν του, οἱ ὁποῖοι ἐνήργησαν χωρὶς τὴν ἔγκρισίν του.

Ὁ κ. Μπρεσίμας ὡς ἀρμόδιος ὑπουργὸς ἐδήλωσεν ὅτι θὰ διεξαχθῇ αὐστηρὰ ἀνάκρισις. Ἐζήτησε παρὰ τοῦ Σώματος νὰ ἀναμείνῃ τὰ ἀποτελέσματα τῆς ἐρεύνης πρὸ πάσης ἀποφάσεως. Ἡ συζήτησις θὰ συνεχισθῇ αὔριον.

ΧΑΣΙΣ ΚΑΙ ΡΟΥΛΕΤΤΑ

Ἰδοὺ τώρα ποῖαι εἶναι αἱ κατηγορίαι αἱ ὁποῖαι διετυπώθησαν κατὰ τοῦ κ. Κεφαλογιάννη. Πρῶτον, ὅτι κατὰ παράβασιν τοῦ κανονισμοῦ ἐχορήγησεν ἀδείας ἀνεγέρσεως χοιροστασίων. Δεύτερον, ὅτι συνήργησεν εἰς τὴν ἀνταλλαγὴν οἰκοπέδων ἐπὶ ζημίᾳ τοῦ δημοσίου. Τρίτον, ὅτι ἐγνώριζε τὴν λειτουργίαν καταστημάτων ὅπου ἐγίνετο χρῆσις χασὶς καὶ ρουλέττα.

Ὁ κ. Μπρεσίμας ὡς ἀρμόδιος ὑπουργὸς ἐδήλωσεν ὅτι θὰ διεξαχθῇ αὐστηρὰ ἀνάκρισις. Ἐζήτησε παρὰ τοῦ Σώματος νὰ ἀναμείνῃ τὰ ἀποτελέσματα τῆς ἐρεύνης πρὸ πάσης ἀποφάσεως. Ἡ συζήτησις θὰ συνεχισθῇ αὔριον.

ΠΩΣ ΕΛΑΒΕ ΓΝΩΣΙΝ

ΣΥΝΕΧΕΙΑ τῆς συζητήσεως ἐν τῇ Βουλῇ. Ὁ κ. Κεφαλογιάννης ἀνῆλθεν εἰς τὸ βῆμα καὶ προσεπάθησε νὰ ἀνατρέψῃ τὰς κατηγορίας αἱ ὁποῖαι ἐξετοξεύθησαν ἐναντίον του. Εἶπεν ὅτι πᾶσαι αἱ ἐνέργειαί του ὑπῆρξαν νόμιμοι καὶ ὅτι οὐδέποτε ἐπωφελήθη τῆς θέσεώς του. Ἡ ἀντιπολίτευσις ὅμως ἀπήντησεν μὲ συγκεκριμένα στοιχεῖα. Ἐν συνεχείᾳ ὁ ὑπουργὸς παρεδέχθη ὡρισμένας ἐκ τῶν κατηγοριῶν ἀλλὰ τὰς ἀπέδωσεν εἰς σφάλματα συγγενῶν του, οἱ ὁποῖοι ἐνήργησαν χωρὶς τὴν ἔγκρισίν του.

Ὁ κ. Μπρεσίμας ὡς ἀρμόδιος ὑπουργὸς ἐδήλωσεν ὅτι θὰ διεξαχθῇ αὐστηρὰ ἀνάκρισις. Ἐζήτησε παρὰ τοῦ Σώματος νὰ ἀναμείνῃ τὰ ἀποτελέσματα τῆς ἐρεύνης πρὸ πάσης ἀποφάσεως. Ἡ συζήτησις θὰ συνεχισθῇ αὔριον.

ΤΟ ΑΝΤΑΛΛΑΓΜΑ ΤΟΝ ΟΙΚΟΠΕΔΟΝ

Ἰδοὺ τώρα ποῖαι εἶναι αἱ κατηγορίαι αἱ ὁποῖαι διετυπώθησαν κατὰ τοῦ κ. Κεφαλογιάννη. Πρῶτον, ὅτι κατὰ παράβασιν τοῦ κανονισμοῦ ἐχορήγησεν ἀδείας ἀνεγέρσεως χοιροστασίων. Δεύτερον, ὅτι συνήργησεν εἰς τὴν ἀνταλλαγὴν οἰκοπέδων ἐπὶ ζημίᾳ τοῦ δημοσίου. Τρίτον, ὅτι ἐγνώριζε τὴν λειτουργίαν καταστημάτων ὅπου ἐγίνετο χρῆσις χασὶς καὶ ρουλέττα.

ΣΥΝΕΧΕΙΑ τῆς συζητήσεως ἐν τῇ Βουλῇ. Ὁ κ. Κεφαλογιάννης ἀνῆλθεν εἰς τὸ βῆμα καὶ προσεπάθησε νὰ ἀνατρέψῃ τὰς κατηγορίας αἱ ὁποῖαι ἐξετοξεύθησαν ἐναντίον του. Εἶπεν ὅτι πᾶσαι αἱ ἐνέργειαί του ὑπῆρξαν νόμιμοι καὶ ὅτι οὐδέποτε ἐπωφελήθη τῆς θέσεώς του. Ἡ ἀντιπολίτευσις ὅμως ἀπήντησεν μὲ συγκεκριμένα στοιχεῖα. Ἐν συνεχείᾳ ὁ ὑπουργὸς παρεδέχθη ὡρισμένας ἐκ τῶν κατηγοριῶν ἀλλὰ τὰς ἀπέδωσεν εἰς σφάλματα συγγενῶν του, οἱ ὁποῖοι ἐνήργησαν χωρὶς τὴν ἔγκρισίν του.

Ὁ κ. Μπρεσίμας ὡς ἀρμόδιος ὑπουργὸς ἐδήλωσεν ὅτι θὰ διεξαχθῇ αὐστηρὰ ἀνάκρισις. Ἐζήτησε παρὰ τοῦ Σώματος νὰ ἀναμείνῃ τὰ ἀποτελέσματα τῆς ἐρεύνης πρὸ πάσης ἀποφάσεως. Ἡ συζήτησις θὰ συνεχισθῇ αὔριον.

Ἰδοὺ τώρα ποῖαι εἶναι αἱ κατηγορίαι αἱ ὁποῖαι διετυπώθησαν κατὰ τοῦ κ. Κεφαλογιάννη. Πρῶτον, ὅτι κατὰ παράβασιν τοῦ κανονισμοῦ ἐχορήγησεν ἀδείας ἀνεγέρσεως χοιροστασίων. Δεύτερον, ὅτι συνήργησεν εἰς τὴν ἀνταλλαγὴν οἰκοπέδων ἐπὶ ζημίᾳ τοῦ δημοσίου. Τρίτον, ὅτι ἐγνώριζε τὴν λειτουργίαν καταστημάτων ὅπου ἐγίνετο χρῆσις χασὶς καὶ ρουλέττα.

Η ΚΥΒΕΡΝΗΣΙΣ ΠΡΟΣΠΑΘΕΙ ΝΑ ΣΥΓΚΑΛΥΨΗ ΤΟ ΜΕΓΑ ΣΚΑΝΔΑΛΟΝ ΤΟΥ ΑΛΟΥΜΙΝΙΟΥ
ΕΚΣΤΡΑΤΕΙΑ ΠΑΡΑΠΛΑΝΗΣΕΩΣ ΤΟΥ ΛΑΟΥ
●●● ΣΥΝΕΧΕΙΑ ἐκ τῆς 1ης σελίδος

τῆς σχετικῆς συμβάσεως μὲ τὴν ΔΕΗ καὶ ἀπεκάλυψεν ὅτι ἡ τιμὴ τῆς ἠλεκτρικῆς ἐνεργείας ἡ ὁποία θὰ διατεθῇ εἰς τὸ ἐργοστάσιον ἀλουμινίου εἶναι κατωτέρα τοῦ κόστους παραγωγῆς. Ἡ κυβέρνησις προσπαθεῖ νὰ συγκαλύψῃ τὸ σκάνδαλον διὰ ψευδῶν ἀνακοινώσεων. Τὸ κόστος τοῦ ἔργου ἀνέρχεται εἰς ἑκατομμύρια δολλαρίων.

τῆς σχετικῆς συμβάσεως μὲ τὴν ΔΕΗ καὶ ἀπεκάλυψεν ὅτι ἡ τιμὴ τῆς ἠλεκτρικῆς ἐνεργείας ἡ ὁποία θὰ διατεθῇ εἰς τὸ ἐργοστάσιον ἀλουμινίου εἶναι κατωτέρα τοῦ κόστους παραγωγῆς. Ἡ κυβέρνησις προσπαθεῖ νὰ συγκαλύψῃ τὸ σκάνδαλον διὰ ψευδῶν ἀνακοινώσεων. Τὸ κόστος τοῦ ἔργου ἀνέρχεται εἰς ἑκατομμύρια δολλαρίων.

Ὁ κ. Πεζμαζόγλου ἐτόνισεν ὅτι τὸ δυναμικὸν τῆς χώρας δὲν ἐπιτρέπει τοιαύτας παραχωρήσεις. Οἱ συνεταῖροι τῆς ἑταιρείας ἐξασφαλίζουν τεράστια κέρδη εἰς βάρος τοῦ ἑλληνικοῦ λαοῦ.

ΤΟ ΚΟΣΤΟΣ ΤΟΥ ΕΡΓΟΥ

τῆς σχετικῆς συμβάσεως μὲ τὴν ΔΕΗ καὶ ἀπεκάλυψεν ὅτι ἡ τιμὴ τῆς ἠλεκτρικῆς ἐνεργείας ἡ ὁποία θὰ διατεθῇ εἰς τὸ ἐργοστάσιον ἀλουμινίου εἶναι κατωτέρα τοῦ κόστους παραγωγῆς. Ἡ κυβέρνησις προσπαθεῖ νὰ συγκαλύψῃ τὸ σκάνδαλον διὰ ψευδῶν ἀνακοινώσεων. Τὸ κόστος τοῦ ἔργου ἀνέρχεται εἰς ἑκατομμύρια δολλαρίων.

Ὁ κ. Πεζμαζόγλου ἐτόνισεν ὅτι τὸ δυναμικὸν τῆς χώρας δὲν ἐπιτρέπει τοιαύτας παραχωρήσεις. Οἱ συνεταῖροι τῆς ἑταιρείας ἐξασφαλίζουν τεράστια κέρδη εἰς βάρος τοῦ ἑλληνικοῦ λαοῦ.

τῆς σχετικῆς συμβάσεως μὲ τὴν ΔΕΗ καὶ ἀπεκάλυψεν ὅτι ἡ τιμὴ τῆς ἠλεκτρικῆς ἐνεργείας ἡ ὁποία θὰ διατεθῇ εἰς τὸ ἐργοστάσιον ἀλουμινίου εἶναι κατωτέρα τοῦ κόστους παραγωγῆς. Ἡ κυβέρνησις προσπαθεῖ νὰ συγκαλύψῃ τὸ σκάνδαλον διὰ ψευδῶν ἀνακοινώσεων. Τὸ κόστος τοῦ ἔργου ἀνέρχεται εἰς ἑκατομμύρια δολλαρίων.

ΤΟ ΔΥΝΑΜΙΚΟΝ ΤΗΣ ΧΩΡΑΣ

Ὁ κ. Πεζμαζόγλου ἐτόνισεν ὅτι τὸ δυναμικὸν τῆς χώρας δὲν ἐπιτρέπει τοιαύτας παραχωρήσεις. Οἱ συνεταῖροι τῆς ἑταιρείας ἐξασφαλίζουν τεράστια κέρδη εἰς βάρος τοῦ ἑλληνικοῦ λαοῦ.

τῆς σχετικῆς συμβάσεως μὲ τὴν ΔΕΗ καὶ ἀπεκάλυψεν ὅτι ἡ τιμὴ τῆς ἠλεκτρικῆς ἐνεργείας ἡ ὁποία θὰ διατεθῇ εἰς τὸ ἐργοστάσιον ἀλουμινίου εἶναι κατωτέρα τοῦ κόστους παραγωγῆς. Ἡ κυβέρνησις προσπαθεῖ νὰ συγκαλύψῃ τὸ σκάνδαλον διὰ ψευδῶν ἀνακοινώσεων. Τὸ κόστος τοῦ ἔργου ἀνέρχεται εἰς ἑκατομμύρια δολλαρίων.

Ὁ κ. Πεζμαζόγλου ἐτόνισεν ὅτι τὸ δυναμικὸν τῆς χώρας δὲν ἐπιτρέπει τοιαύτας παραχωρήσεις. Οἱ συνεταῖροι τῆς ἑταιρείας ἐξασφαλίζουν τεράστια κέρδη εἰς βάρος τοῦ ἑλληνικοῦ λαοῦ.

ΟΙ ΣΥΝΕΤΑΙΡΟΙ

τῆς σχετικῆς συμβάσεως μὲ τὴν ΔΕΗ καὶ ἀπεκάλυψεν ὅτι ἡ τιμὴ τῆς ἠλεκτρικῆς ἐνεργείας ἡ ὁποία θὰ διατεθῇ εἰς τὸ ἐργοστάσιον ἀλουμινίου εἶναι κατωτέρα τοῦ κόστους παραγωγῆς. Ἡ κυβέρνησις προσπαθεῖ νὰ συγκαλύψῃ τὸ σκάνδαλον διὰ ψευδῶν ἀνακοινώσεων. Τὸ κόστος τοῦ ἔργου ἀνέρχεται εἰς ἑκατομμύρια δολλαρίων.

Ὁ κ. Πεζμαζόγλου ἐτόνισεν ὅτι τὸ δυναμικὸν τῆς χώρας δὲν ἐπιτρέπει τοιαύτας παραχωρήσεις. Οἱ συνεταῖροι τῆς ἑταιρείας ἐξασφαλίζουν τεράστια κέρδη εἰς βάρος τοῦ ἑλληνικοῦ λαοῦ.

τῆς σχετικῆς συμβάσεως μὲ τὴν ΔΕΗ καὶ ἀπεκάλυψεν ὅτι ἡ τιμὴ τῆς ἠλεκτρικῆς ἐνεργείας ἡ ὁποία θὰ διατεθῇ εἰς τὸ ἐργοστάσιον ἀλουμινίου εἶναι κατωτέρα τοῦ κόστους παραγωγῆς. Ἡ κυβέρνησις προσπαθεῖ νὰ συγκαλύψῃ τὸ σκάνδαλον διὰ ψευδῶν ἀνακοινώσεων. Τὸ κόστος τοῦ ἔργου ἀνέρχεται εἰς ἑκατομμύρια δολλαρίων.

Ὁ κ. Πεζμαζόγλου ἐτόνισεν ὅτι τὸ δυναμικὸν τῆς χώρας δὲν ἐπιτρέπει τοιαύτας παραχωρήσεις. Οἱ συνεταῖροι τῆς ἑταιρείας ἐξασφαλίζουν τεράστια κέρδη εἰς βάρος τοῦ ἑλληνικοῦ λαοῦ.

ΣΟΥΗΔΟΙ ΕΚΠΡΟΣΩΠΟΙ ΕΙΣΑΓΩΓΙΚΩΝ ΟΙΚΩΝ ΕΞΕΤΑΖΟΥΝ ΤΑΣ ΔΥΝΑΤΟΤΗΤΑΣ ΤΗΣ ΕΞΑΓΩΓΗΣ ΕΛΛΗΝΙΚΩΝ ΠΡΟΪΟΝΤΩΝ ΕΙΣ ΤΗΝ ΧΩΡΑΝ ΤΩΝ
ΗΡΧΙΣΑΝ ΤΑΣ ΕΠΑΦΑΣ ΕΙΣ ΘΕΣΣΑΛΟΝΙΚΗΝ

Ἀφίκοντο ἐξ Ἀθηνῶν εἰς Θεσσαλονίκην οἱ ἐκπρόσωποι Σουηδικῶν εἰσαγωγικῶν οἴκων, συνοδευόμενοι ὑπὸ τοῦ Σουηδοῦ ἐμπορικοῦ ἀκολούθου. Οἱ ἐκπρόσωποι ἤρχισαν ἐπαφὰς μὲ τοὺς Ἕλληνας ἐξαγωγεῖς διὰ τὴν ἐξέτασιν τῶν δυνατοτήτων αὐξήσεως τῶν ἐξαγωγῶν ἑλληνικῶν προϊόντων, ἰδίως ὀπωρῶν καὶ καπνοῦ, εἰς τὴν Σουηδίαν. Χθὲς ἐπεσκέφθησαν τὸ Ἐμπορικὸν Ἐπιμελητήριον καὶ συνεζήτησαν μὲ τὸν πρόεδρον. Σήμερον θὰ ἐπισκεφθοῦν τὰς ἐγκαταστάσεις τῆς Διεθνοῦς Ἐκθέσεως καὶ διάφορα ἐργοστάσια. Τὴν 9.30 μ.μ. θὰ παραστοῦν εἰς δεξίωσιν...

Ἀφίκοντο ἐξ Ἀθηνῶν εἰς Θεσσαλονίκην οἱ ἐκπρόσωποι Σουηδικῶν εἰσαγωγικῶν οἴκων, συνοδευόμενοι ὑπὸ τοῦ Σουηδοῦ ἐμπορικοῦ ἀκολούθου. Οἱ ἐκπρόσωποι ἤρχισαν ἐπαφὰς μὲ τοὺς Ἕλληνας ἐξαγωγεῖς διὰ τὴν ἐξέτασιν τῶν δυνατοτήτων αὐξήσεως τῶν ἐξαγωγῶν ἑλληνικῶν προϊόντων, ἰδίως ὀπωρῶν καὶ καπνοῦ, εἰς τὴν Σουηδίαν. Χθὲς ἐπεσκέφθησαν τὸ Ἐμπορικὸν Ἐπιμελητήριον καὶ συνεζήτησαν μὲ τὸν πρόεδρον. Σήμερον θὰ ἐπισκεφθοῦν τὰς ἐγκαταστάσεις τῆς Διεθνοῦς Ἐκθέσεως καὶ διάφορα ἐργοστάσια. Τὴν 9.30 μ.μ. θὰ παραστοῦν εἰς δεξίωσιν...

Ἀφίκοντο ἐξ Ἀθηνῶν εἰς Θεσσαλονίκην οἱ ἐκπρόσωποι Σουηδικῶν εἰσαγωγικῶν οἴκων, συνοδευόμενοι ὑπὸ τοῦ Σουηδοῦ ἐμπορικοῦ ἀκολούθου. Οἱ ἐκπρόσωποι ἤρχισαν ἐπαφὰς μὲ τοὺς Ἕλληνας ἐξαγωγεῖς διὰ τὴν ἐξέτασιν τῶν δυνατοτήτων αὐξήσεως τῶν ἐξαγωγῶν ἑλληνικῶν προϊόντων, ἰδίως ὀπωρῶν καὶ καπνοῦ, εἰς τὴν Σουηδίαν. Χθὲς ἐπεσκέφθησαν τὸ Ἐμπορικὸν Ἐπιμελητήριον καὶ συνεζήτησαν μὲ τὸν πρόεδρον. Σήμερον θὰ ἐπισκεφθοῦν τὰς ἐγκαταστάσεις τῆς Διεθνοῦς Ἐκθέσεως καὶ διάφορα ἐργοστάσια. Τὴν 9.30 μ.μ. θὰ παραστοῦν εἰς δεξίωσιν...

Ἀφίκοντο ἐξ Ἀθηνῶν εἰς Θεσσαλονίκην οἱ ἐκπρόσωποι Σουηδικῶν εἰσαγωγικῶν οἴκων, συνοδευόμενοι ὑπὸ τοῦ Σουηδοῦ ἐμπορικοῦ ἀκολούθου. Οἱ ἐκπρόσωποι ἤρχισαν ἐπαφὰς μὲ τοὺς Ἕλληνας ἐξαγωγεῖς διὰ τὴν ἐξέτασιν τῶν δυνατοτήτων αὐξήσεως τῶν ἐξαγωγῶν ἑλληνικῶν προϊόντων, ἰδίως ὀπωρῶν καὶ καπνοῦ, εἰς τὴν Σουηδίαν. Χθὲς ἐπεσκέφθησαν τὸ Ἐμπορικὸν Ἐπιμελητήριον καὶ συνεζήτησαν μὲ τὸν πρόεδρον. Σήμερον θὰ ἐπισκεφθοῦν τὰς ἐγκαταστάσεις τῆς Διεθνοῦς Ἐκθέσεως καὶ διάφορα ἐργοστάσια. Τὴν 9.30 μ.μ. θὰ παραστοῦν εἰς δεξίωσιν...

Ἀφίκοντο ἐξ Ἀθηνῶν εἰς Θεσσαλονίκην οἱ ἐκπρόσωποι Σουηδικῶν εἰσαγωγικῶν οἴκων, συνοδευόμενοι ὑπὸ τοῦ Σουηδοῦ ἐμπορικοῦ ἀκολούθου. Οἱ ἐκπρόσωποι ἤρχισαν ἐπαφὰς μὲ τοὺς Ἕλληνας ἐξαγωγεῖς διὰ τὴν ἐξέτασιν τῶν δυνατοτήτων αὐξήσεως τῶν ἐξαγωγῶν ἑλληνικῶν προϊόντων, ἰδίως ὀπωρῶν καὶ καπνοῦ, εἰς τὴν Σουηδίαν. Χθὲς ἐπεσκέφθησαν τὸ Ἐμπορικὸν Ἐπιμελητήριον καὶ συνεζήτησαν μὲ τὸν πρόεδρον. Σήμερον θὰ ἐπισκεφθοῦν τὰς ἐγκαταστάσεις τῆς Διεθνοῦς Ἐκθέσεως καὶ διάφορα ἐργοστάσια. Τὴν 9.30 μ.μ. θὰ παραστοῦν εἰς δεξίωσιν...

ΕΙΣ ΠΛΗΡΗ ΟΙΚΟΝΟΜΙΚΗΝ ΕΞΑΘΛΙΩΣΙΝ ΠΕΡΙΗΛΘΟΝ ΟΙ ΚΑΤΟΙΚΟΙ ΠΡΟΣΩΤΣΑΝΗΣ
ΕΜΠΑΙΖΟΝΤΑΙ ΥΠΟ ΤΗΣ ΚΥΒΕΡΝΗΣΕΩΣ

ΔΡΑΜΑ, 22.— Εἰς τὸ ὅριον τῆς ἀπογνώσεως ἔχουν φθάσει οἱ κάτοικοι τῆς Προσωτσάνης ἐξ αἰτίας τῆς πλήρους οἰκονομικῆς ἐξαθλιώσεως εἰς τὴν ὁποίαν περιῆλθον. Ἡ κυβέρνησις παρὰ τὰς ὑποσχέσεις της οὐδὲν ἔπραξε διὰ τὴν ἀνακούφισίν των...

ΔΡΑΜΑ, 22.— Εἰς τὸ ὅριον τῆς ἀπογνώσεως ἔχουν φθάσει οἱ κάτοικοι τῆς Προσωτσάνης ἐξ αἰτίας τῆς πλήρους οἰκονομικῆς ἐξαθλιώσεως εἰς τὴν ὁποίαν περιῆλθον. Ἡ κυβέρνησις παρὰ τὰς ὑποσχέσεις της οὐδὲν ἔπραξε διὰ τὴν ἀνακούφισίν των...

ΔΡΑΜΑ, 22.— Εἰς τὸ ὅριον τῆς ἀπογνώσεως ἔχουν φθάσει οἱ κάτοικοι τῆς Προσωτσάνης ἐξ αἰτίας τῆς πλήρους οἰκονομικῆς ἐξαθλιώσεως εἰς τὴν ὁποίαν περιῆλθον. Ἡ κυβέρνησις παρὰ τὰς ὑποσχέσεις της οὐδὲν ἔπραξε διὰ τὴν ἀνακούφισίν των...

Ο ΥΠΟΥΡΓΟΣ ΕΡΓΑΣΙΑΣ ΑΡΝΕΙΤΑΙ ΤΗΝ ΕΠΙΔΟΤΗΣΙΝ ΤΩΝ ΑΝΕΡΓΩΝ ΚΑΠΝΕΡΓΑΤΩΝ ΚΑΙ ΚΑΠΝΕΡΓΑΤΡΙΩΝ
ΥΠΟΜΝΗΜΑ ΔΙΑΜΑΡΤΥΡΙΑΣ ΚΑΙ ΤΩΝ ΣΥΝΤΑΞΙΟΥΧΩΝ

Ἐπιτροπὴ καπνεργατῶν καὶ καπνεργατριῶν ἐπεσκέφθη τὸν ὑπουργὸν ἐργασίας καὶ ἐζήτησε τὴν ἐπιδότησιν τῶν ἀνέργων. Ὁ ὑπουργὸς ἠρνήθη ἰσχυρισθεὶς ὅτι δὲν ὑπάρχουν κονδύλια. Οἱ συνταξιοῦχοι ἐπέδωσαν ὑπόμνημα διαμαρτυρίας...

Ἐπιτροπὴ καπνεργατῶν καὶ καπνεργατριῶν ἐπεσκέφθη τὸν ὑπουργὸν ἐργασίας καὶ ἐζήτησε τὴν ἐπιδότησιν τῶν ἀνέργων. Ὁ ὑπουργὸς ἠρνήθη ἰσχυρισθεὶς ὅτι δὲν ὑπάρχουν κονδύλια. Οἱ συνταξιοῦχοι ἐπέδωσαν ὑπόμνημα διαμαρτυρίας...

ΟΙ ΣΥΝΤΑΞΙΟΥΧΟΙ

Ἐπιτροπὴ καπνεργατῶν καὶ καπνεργατριῶν ἐπεσκέφθη τὸν ὑπουργὸν ἐργασίας καὶ ἐζήτησε τὴν ἐπιδότησιν τῶν ἀνέργων. Ὁ ὑπουργὸς ἠρνήθη ἰσχυρισθεὶς ὅτι δὲν ὑπάρχουν κονδύλια. Οἱ συνταξιοῦχοι ἐπέδωσαν ὑπόμνημα διαμαρτυρίας...

Ἐπιτροπὴ καπνεργατῶν καὶ καπνεργατριῶν ἐπεσκέφθη τὸν ὑπουργὸν ἐργασίας καὶ ἐζήτησε τὴν ἐπιδότησιν τῶν ἀνέργων. Ὁ ὑπουργὸς ἠρνήθη ἰσχυρισθεὶς ὅτι δὲν ὑπάρχουν κονδύλια. Οἱ συνταξιοῦχοι ἐπέδωσαν ὑπόμνημα διαμαρτυρίας...

ΙΔΡΥΟΝΤΑΙ ΤΕΣΣΑΡΑ ΝΕΑ ΝΥΚΤΕΡΙΝΑ ΓΥΜΝΑΣΙΑ ΚΑΙ ΠΟΛΛΑ ΤΜΗΜΑΤΑ ΠΡΑΚΤΙΚΗΣ ΚΑΤΕΥΘΥΝΣΕΩΣ

ΑΘΗΝΑΙ, 22.— Ὑπὸ τοῦ ὑπουργείου παιδείας ἀπεφασίσθη ἡ ἵδρυσις τεσσάρων νέων νυκτερινῶν γυμνασίων καὶ τμημάτων πρακτικῆς κατευθύνσεως εἰς διάφορα γυμνάσια τῆς χώρας...

ΑΘΗΝΑΙ, 22.— Ὑπὸ τοῦ ὑπουργείου παιδείας ἀπεφασίσθη ἡ ἵδρυσις τεσσάρων νέων νυκτερινῶν γυμνασίων καὶ τμημάτων πρακτικῆς κατευθύνσεως εἰς διάφορα γυμνάσια τῆς χώρας...

ΑΘΗΝΑΙ, 22.— Ὑπὸ τοῦ ὑπουργείου παιδείας ἀπεφασίσθη ἡ ἵδρυσις τεσσάρων νέων νυκτερινῶν γυμνασίων καὶ τμημάτων πρακτικῆς κατευθύνσεως εἰς διάφορα γυμνάσια τῆς χώρας...

ΕΙΣ ΝΕΚΡΟΣ ΕΚ ΤΩΝ ΒΡΟΧΩΝ ΕΙΣ ΤΗΝ ΙΤΑΛΙΑΝ
ΕΝΔΕΚΑ ΤΑ ΘΥΜΑΤΑ ΤΟΥ ΟΡΟΥΣ ΦΟΥΤΖΙΓΙΑΜΑ

ΦΛΩΡΕΝΤΙΑ, 22 (Ρώυτερ).— Ἕνας νεκρὸς ἐκ τῶν καταρρακτωδῶν βροχῶν ποὺ ἔπληξαν τὴν περιοχήν. ΤΟΚΙΟ, 22 (Ρώυτερ).— Ἕνδεκα ὀρειβάται ἐφονεύθησαν ἐκ χιονοστιβάδος εἰς τὸ ὄρος Φουτζιγιάμα...

ΘΥΜΑ ΤΩΝ ΒΡΟΧΩΝ

ΦΛΩΡΕΝΤΙΑ, 22 (Ρώυτερ).— Ἕνας νεκρὸς ἐκ τῶν καταρρακτωδῶν βροχῶν ποὺ ἔπληξαν τὴν περιοχήν. ΤΟΚΙΟ, 22 (Ρώυτερ).— Ἕνδεκα ὀρειβάται ἐφονεύθησαν ἐκ χιονοστιβάδος εἰς τὸ ὄρος Φουτζιγιάμα...

ΤΑ ΘΥΜΑΤΑ ΤΗΣ ΧΙΟΝΟΣΤΙΒΑΔΟΣ

ΦΛΩΡΕΝΤΙΑ, 22 (Ρώυτερ).— Ἕνας νεκρὸς ἐκ τῶν καταρρακτωδῶν βροχῶν ποὺ ἔπληξαν τὴν περιοχήν. ΤΟΚΙΟ, 22 (Ρώυτερ).— Ἕνδεκα ὀρειβάται ἐφονεύθησαν ἐκ χιονοστιβάδος εἰς τὸ ὄρος Φουτζιγιάμα...

ΚΑΘΕΛΚΥΣΘΗ ΤΟ ΜΕΓΑΛΥΤΕΡΟΝ ΠΥΡΑΥΛΟΦΟΡΟΝ ΑΤΟΜΙΚΟΝ ΥΠΟΒΡΥΧΙΟΝ ΤΩΝ ΗΝΩΜ. ΠΟΛΙΤΕΙΩΝ

ΚΡΟΤΟΝ, Κοννέκτικατ, 22 (Ρώυτερ).— Καθελκύσθη σήμερον τὸ μεγαλύτερον πυραυλοφόρον ἀτομικὸν ὑποβρύχιον τῶν Ἡνωμένων Πολιτειῶν...

ΚΡΟΤΟΝ, Κοννέκτικατ, 22 (Ρώυτερ).— Καθελκύσθη σήμερον τὸ μεγαλύτερον πυραυλοφόρον ἀτομικὸν ὑποβρύχιον τῶν Ἡνωμένων Πολιτειῶν...

Η ΚΥΒΕΡΝΗΣΙΣ ΑΓΝΟΕΙ ΤΟΝ ΙΑΤΡΙΚΟΝ ΚΟΣΜΟΝ ΚΑΤΑ ΤΗΝ ΚΑΤΑΡΤΙΣΙΝ ΤΩΝ ΣΧΕΤΙΚΩΝ Ν. Δ.

ΑΘΗΝΑΙ, 22.— Ἐπαγγελματικαὶ ὀργανώσεις τῶν ἰατρῶν διαμαρτύρονται διότι ἡ κυβέρνησις δὲν ἐζήτησε τὴν γνώμην των κατὰ τὴν κατάρτισιν τῶν σχετικῶν νομοθετικῶν διαταγμάτων...

ΑΘΗΝΑΙ, 22.— Ἐπαγγελματικαὶ ὀργανώσεις τῶν ἰατρῶν διαμαρτύρονται διότι ἡ κυβέρνησις δὲν ἐζήτησε τὴν γνώμην των κατὰ τὴν κατάρτισιν τῶν σχετικῶν νομοθετικῶν διαταγμάτων...

ΑΘΗΝΑΙ, 22.— Ἐπαγγελματικαὶ ὀργανώσεις τῶν ἰατρῶν διαμαρτύρονται διότι ἡ κυβέρνησις δὲν ἐζήτησε τὴν γνώμην των κατὰ τὴν κατάρτισιν τῶν σχετικῶν νομοθετικῶν διαταγμάτων...
